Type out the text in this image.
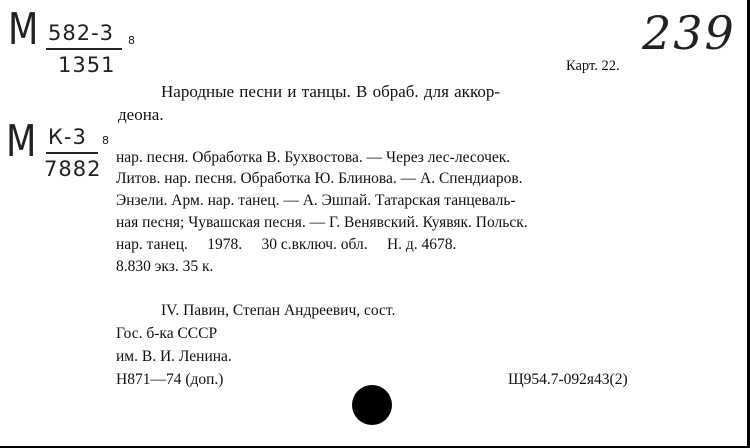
М 582-3 8
1351
239
М К-3 8
7882
Карт. 22.
Народные песни и танцы. В обраб. для аккор-
деона.
нар. песня. Обработка В. Бухвостова. — Через лес-лесочек.
Литов. нар. песня. Обработка Ю. Блинова. — А. Спендиаров.
Энзели. Арм. нар. танец. — А. Эшпай. Татарская танцеваль-
ная песня; Чувашская песня. — Г. Венявский. Куявяк. Польск.
нар. танец.     1978.     30 с.включ. обл.     Н. д. 4678.
8.830 экз. 35 к.
IV. Павин, Степан Андреевич, сост.
Гос. б-ка СССР
им. В. И. Ленина.
Н871—74 (доп.)	Щ954.7-092я43(2)
